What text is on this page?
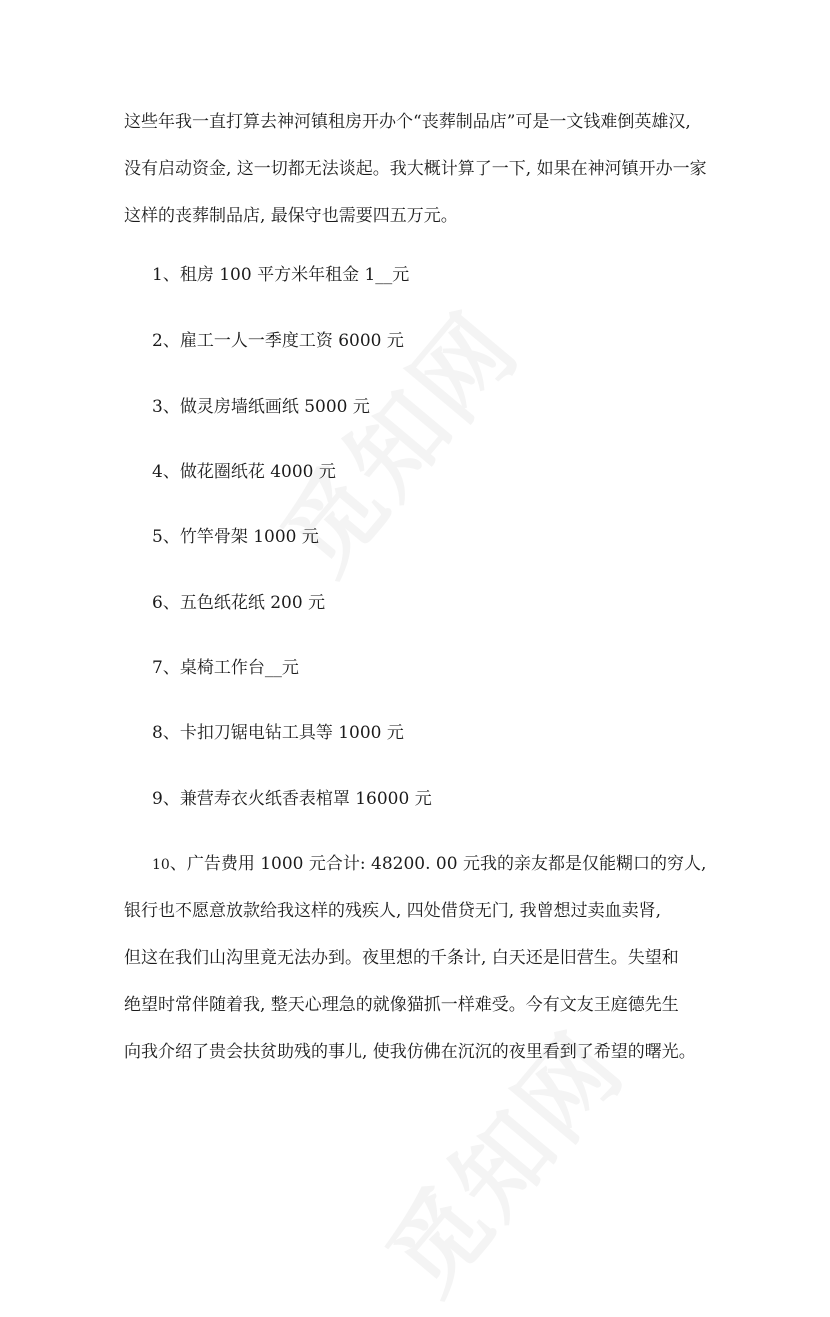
这些年我一直打算去神河镇租房开办个“丧葬制品店”可是一文钱难倒英雄汉,
没有启动资金, 这一切都无法谈起。我大概计算了一下, 如果在神河镇开办一家
这样的丧葬制品店, 最保守也需要四五万元。

1、租房 100 平方米年租金 1__元

2、雇工一人一季度工资 6000 元

3、做灵房墙纸画纸 5000 元

4、做花圈纸花 4000 元

5、竹竿骨架 1000 元

6、五色纸花纸 200 元

7、桌椅工作台__元

8、卡扣刀锯电钻工具等 1000 元

9、兼营寿衣火纸香表棺罩 16000 元

10、广告费用 1000 元合计: 48200. 00 元我的亲友都是仅能糊口的穷人,

银行也不愿意放款给我这样的残疾人, 四处借贷无门, 我曾想过卖血卖肾,
但这在我们山沟里竟无法办到。夜里想的千条计, 白天还是旧营生。失望和
绝望时常伴随着我, 整天心理急的就像猫抓一样难受。今有文友王庭德先生
向我介绍了贵会扶贫助残的事儿, 使我仿佛在沉沉的夜里看到了希望的曙光。
